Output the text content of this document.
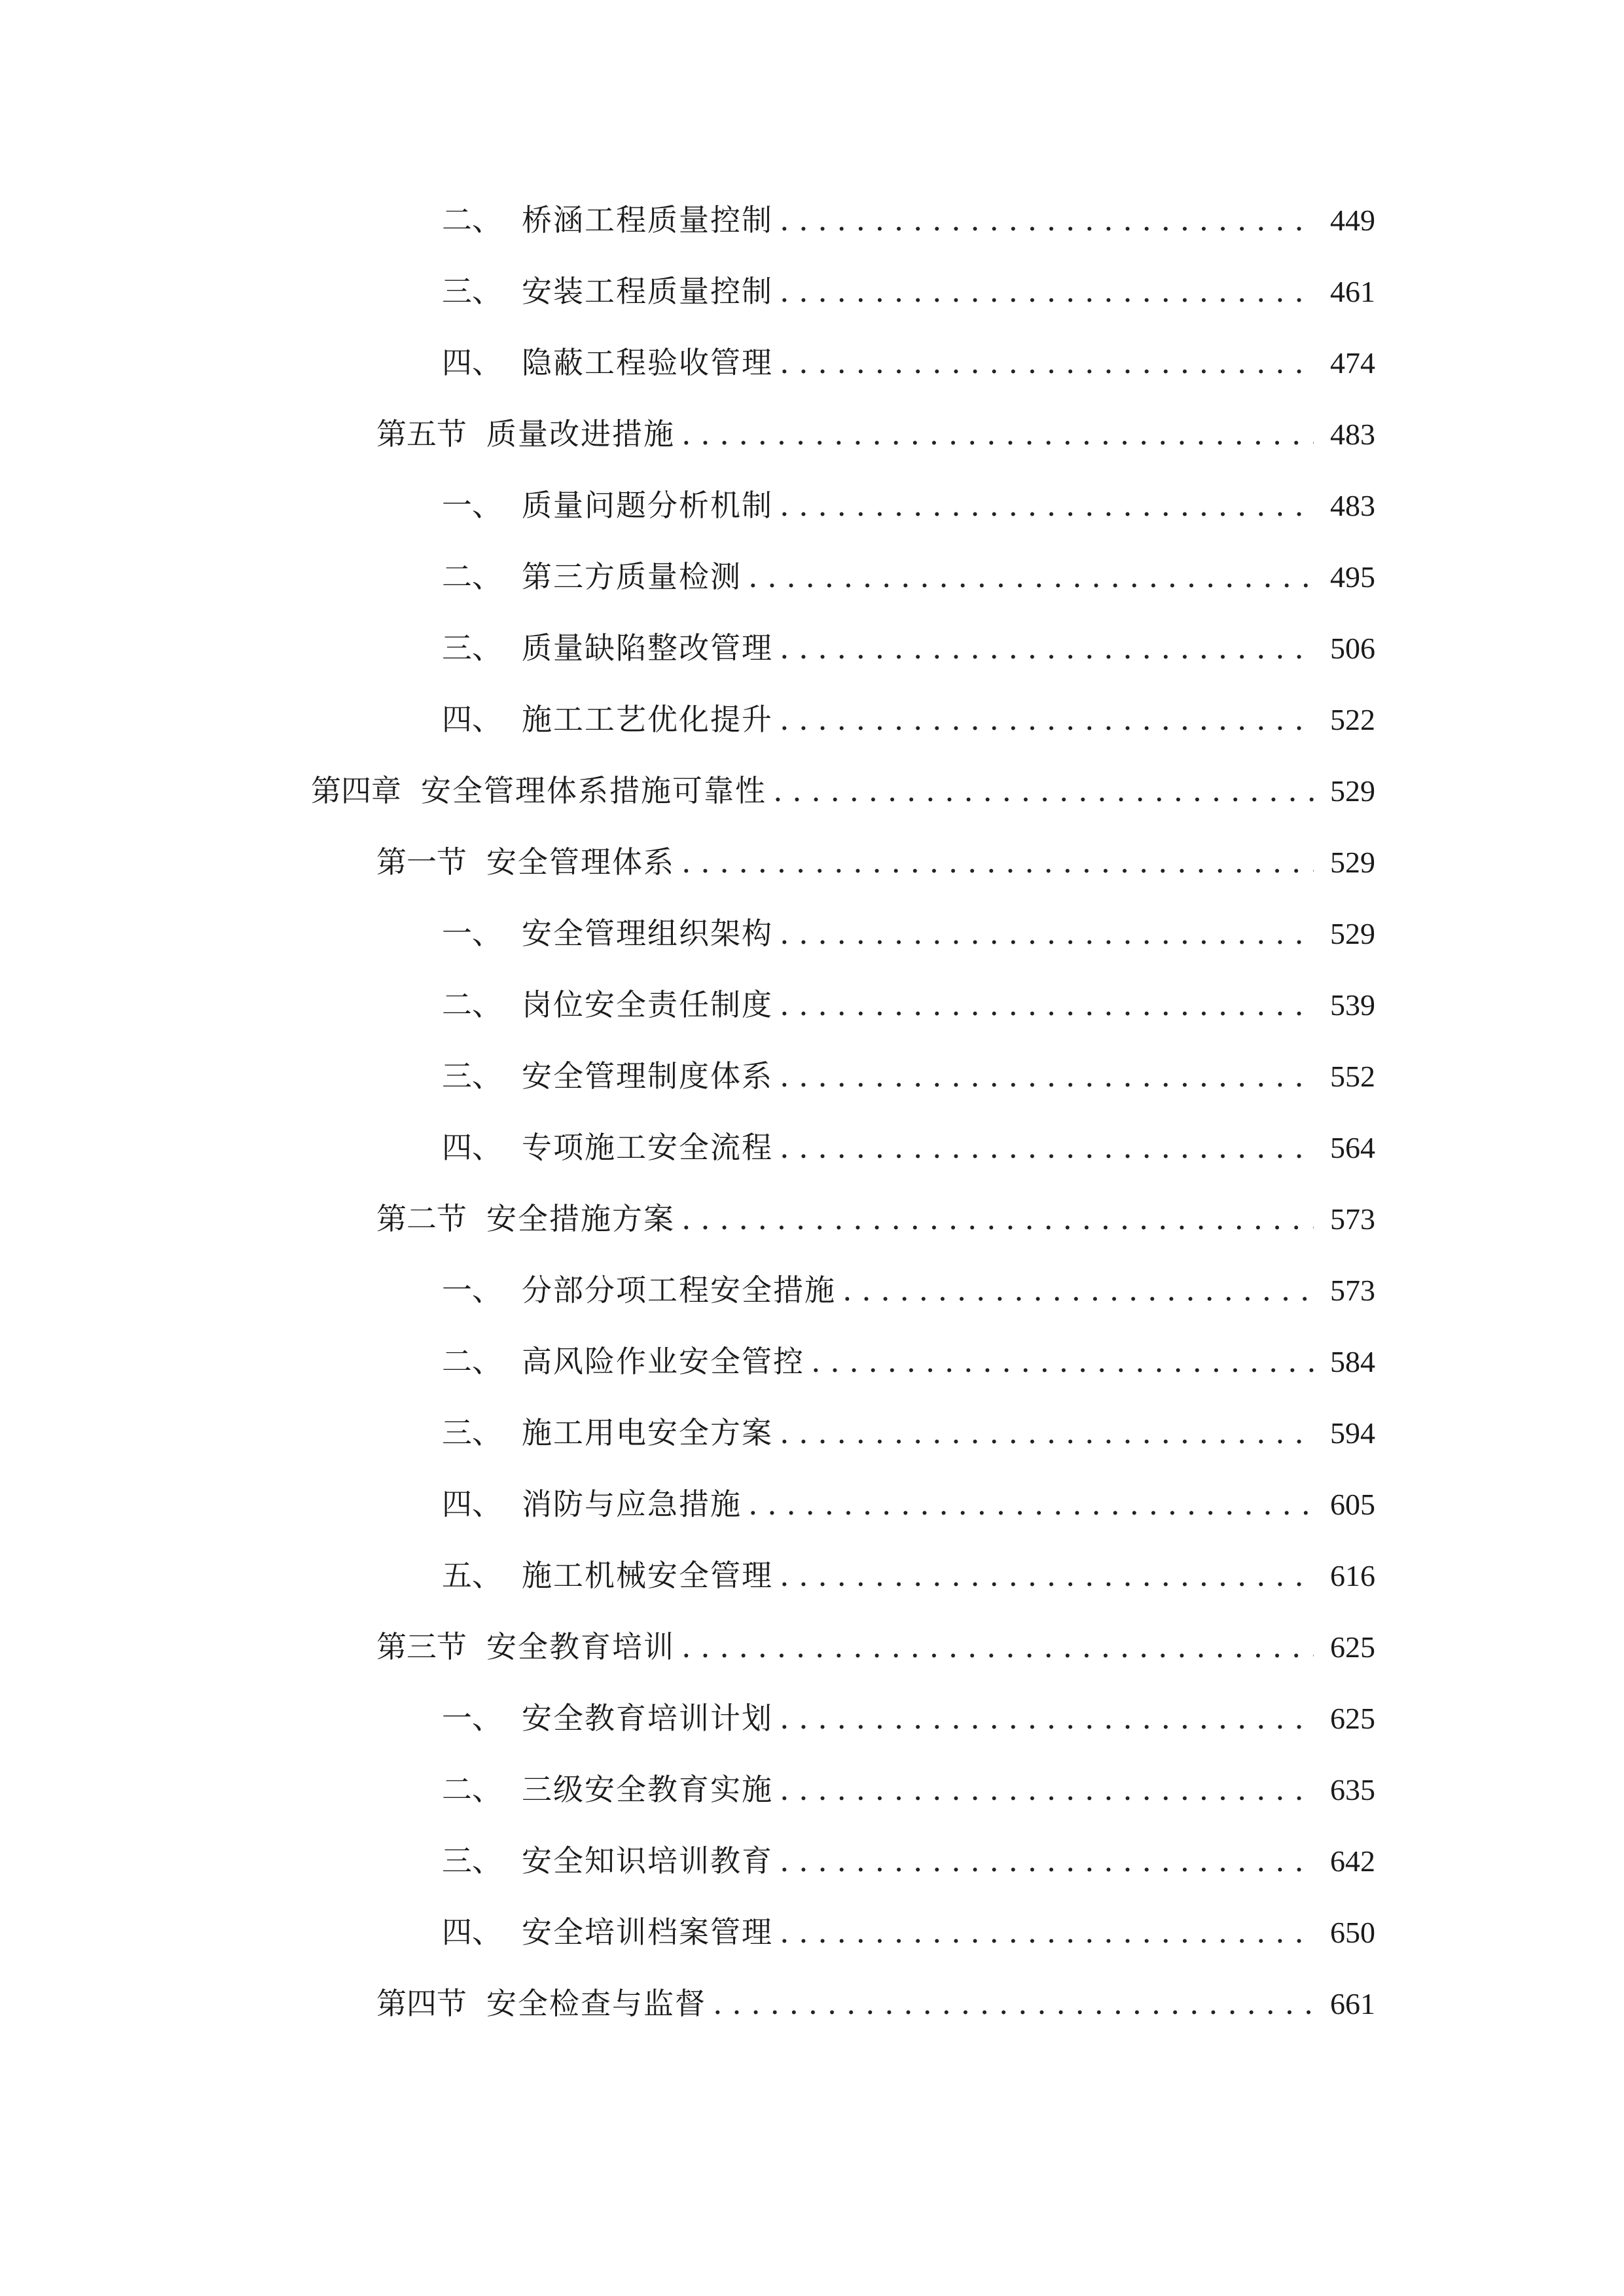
二、 桥涵工程质量控制 .....	449
三、 安装工程质量控制 .....	461
四、 隐蔽工程验收管理 .....	474
第五节 质量改进措施 .....	483
一、 质量问题分析机制 .....	483
二、 第三方质量检测 .....	495
三、 质量缺陷整改管理 .....	506
四、 施工工艺优化提升 .....	522
第四章 安全管理体系措施可靠性 .....	529
第一节 安全管理体系 .....	529
一、 安全管理组织架构 .....	529
二、 岗位安全责任制度 .....	539
三、 安全管理制度体系 .....	552
四、 专项施工安全流程 .....	564
第二节 安全措施方案 .....	573
一、 分部分项工程安全措施 .....	573
二、 高风险作业安全管控 .....	584
三、 施工用电安全方案 .....	594
四、 消防与应急措施 .....	605
五、 施工机械安全管理 .....	616
第三节 安全教育培训 .....	625
一、 安全教育培训计划 .....	625
二、 三级安全教育实施 .....	635
三、 安全知识培训教育 .....	642
四、 安全培训档案管理 .....	650
第四节 安全检查与监督 .....	661
